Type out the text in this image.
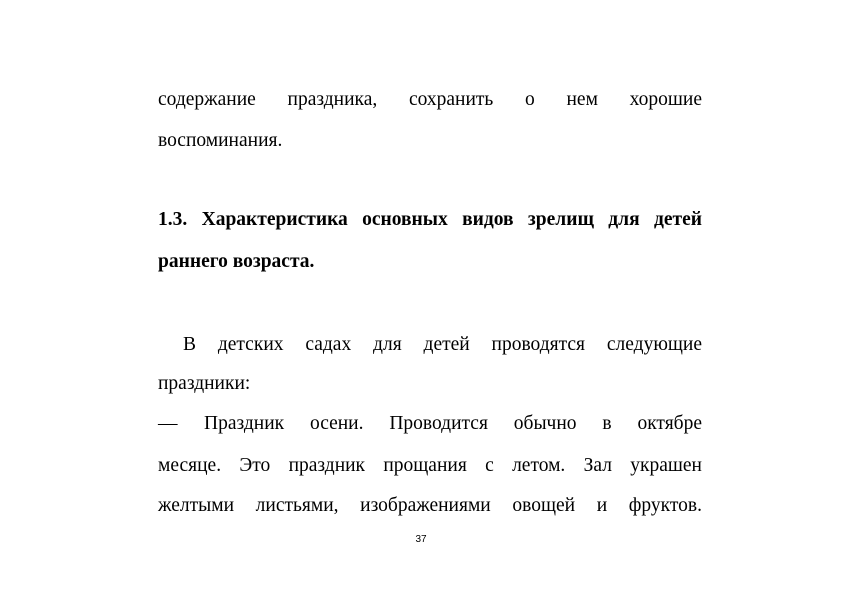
содержание праздника, сохранить о нем хорошие
воспоминания.
1.3. Характеристика основных видов зрелищ для детей
раннего возраста.
В детских садах для детей проводятся следующие
праздники:
—	Праздник осени. Проводится обычно в октябре
месяце. Это праздник прощания с летом. Зал украшен
желтыми листьями, изображениями овощей и фруктов.
37
